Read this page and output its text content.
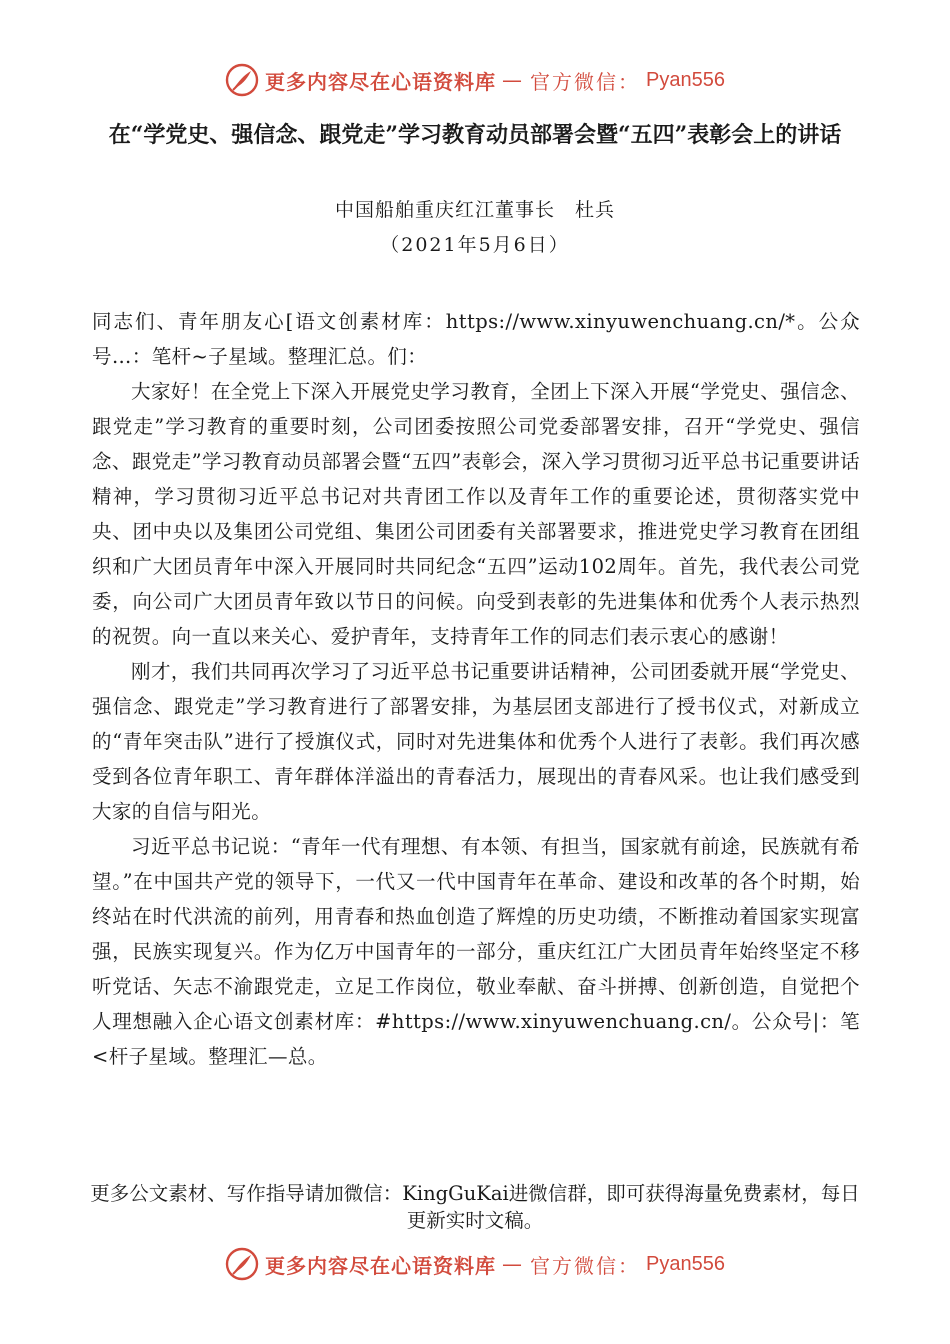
更多内容尽在心语资料库 — 官方微信： Pyan556
在“学党史、强信念、跟党走”学习教育动员部署会暨“五四”表彰会上的讲话
中国船舶重庆红江董事长　杜兵
（2021年5月6日）

同志们、青年朋友心[语文创素材库：https://www.xinyuwenchuang.cn/*。公众号…：笔杆~子星域。整理汇总。们：

大家好！在全党上下深入开展党史学习教育，全团上下深入开展“学党史、强信念、跟党走”学习教育的重要时刻，公司团委按照公司党委部署安排，召开“学党史、强信念、跟党走”学习教育动员部署会暨“五四”表彰会，深入学习贯彻习近平总书记重要讲话精神，学习贯彻习近平总书记对共青团工作以及青年工作的重要论述，贯彻落实党中央、团中央以及集团公司党组、集团公司团委有关部署要求，推进党史学习教育在团组织和广大团员青年中深入开展同时共同纪念“五四”运动102周年。首先，我代表公司党委，向公司广大团员青年致以节日的问候。向受到表彰的先进集体和优秀个人表示热烈的祝贺。向一直以来关心、爱护青年，支持青年工作的同志们表示衷心的感谢！

刚才，我们共同再次学习了习近平总书记重要讲话精神，公司团委就开展“学党史、强信念、跟党走”学习教育进行了部署安排，为基层团支部进行了授书仪式，对新成立的“青年突击队”进行了授旗仪式，同时对先进集体和优秀个人进行了表彰。我们再次感受到各位青年职工、青年群体洋溢出的青春活力，展现出的青春风采。也让我们感受到大家的自信与阳光。

习近平总书记说：“青年一代有理想、有本领、有担当，国家就有前途，民族就有希望。”在中国共产党的领导下，一代又一代中国青年在革命、建设和改革的各个时期，始终站在时代洪流的前列，用青春和热血创造了辉煌的历史功绩，不断推动着国家实现富强，民族实现复兴。作为亿万中国青年的一部分，重庆红江广大团员青年始终坚定不移听党话、矢志不渝跟党走，立足工作岗位，敬业奉献、奋斗拼搏、创新创造，自觉把个人理想融入企心语文创素材库：#https://www.xinyuwenchuang.cn/。公众号|：笔<杆子星域。整理汇—总。

更多公文素材、写作指导请加微信：KingGuKai进微信群，即可获得海量免费素材，每日更新实时文稿。
更多内容尽在心语资料库 — 官方微信： Pyan556
